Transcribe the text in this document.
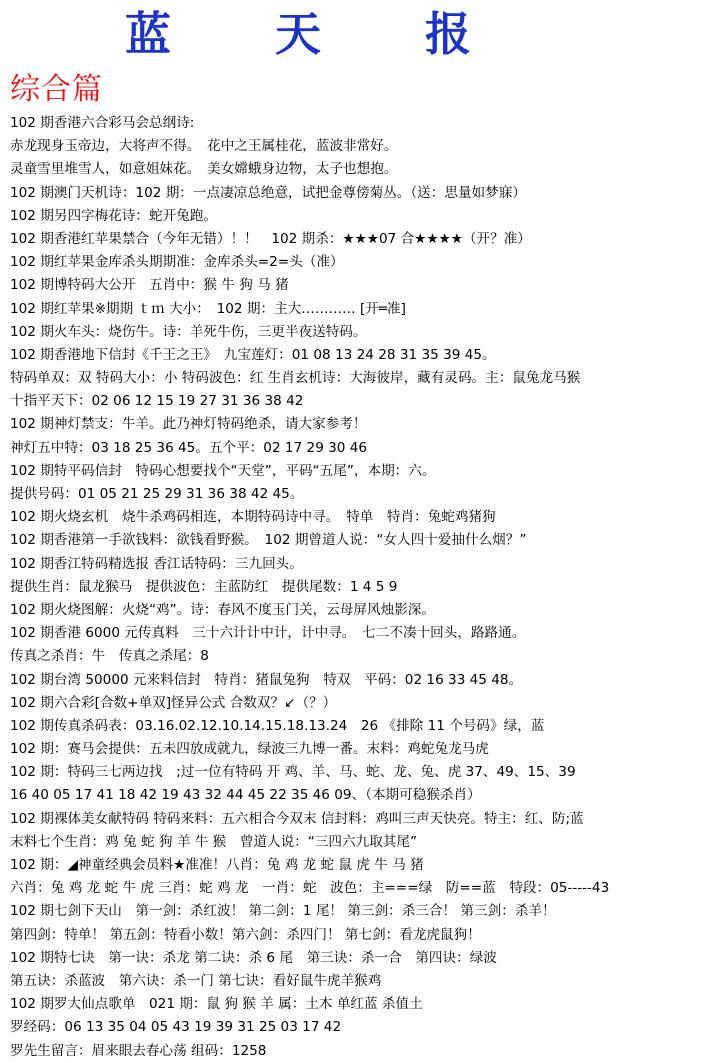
蓝 天 报
综合篇
102 期香港六合彩马会总纲诗:
赤龙现身玉帝边，大将声不得。　花中之王属桂花，蓝波非常好。
灵童雪里堆雪人，如意姐妹花。　美女嫦蛾身边物，太子也想抱。
102 期澳门天机诗：102 期：一点凄凉总绝意，试把金尊傍菊丛。（送：思量如梦寐）
102 期另四字梅花诗：蛇开兔跑。
102 期香港红苹果禁合（今年无错）！！　102 期杀：★★★07 合★★★★（开？准）
102 期红苹果金库杀头期期准：金库杀头=2=头（准）
102 期博特码大公开　五肖中：猴 牛 狗 马 猪
102 期红苹果※期期 ｔｍ 大小：　102 期：主大………… [开═准]
102 期火车头：烧伤牛。诗：羊死牛伤，三更半夜送特码。
102 期香港地下信封《千王之王》　九宝莲灯：01 08 13 24 28 31 35 39 45。
特码单双：双 特码大小：小 特码波色：红 生肖玄机诗：大海彼岸，藏有灵码。主：鼠兔龙马猴
十指平天下：02 06 12 15 19 27 31 36 38 42
102 期神灯禁支：牛羊。此乃神灯特码绝杀，请大家参考！
神灯五中特：03 18 25 36 45。五个平：02 17 29 30 46
102 期特平码信封　特码心想要找个“天堂”，平码“五尾”，本期：六。
提供号码：01 05 21 25 29 31 36 38 42 45。
102 期火烧玄机　烧牛杀鸡码相连，本期特码诗中寻。　特单　特肖：兔蛇鸡猪狗
102 期香港第一手欲钱料：欲钱看野猴。　102 期曾道人说：“女人四十爱抽什么烟？”
102 期香江特码精选报 香江话特码：三九回头。
提供生肖：鼠龙猴马　提供波色：主蓝防红　提供尾数：1 4 5 9
102 期火烧图解：火烧“鸡”。诗：春风不度玉门关，云母屏风烛影深。
102 期香港 6000 元传真料　三十六计计中计，计中寻。　七二不凑十回头，路路通。
传真之杀肖：牛　传真之杀尾：8
102 期台湾 50000 元来料信封　特肖：猪鼠兔狗　特双　平码：02 16 33 45 48。
102 期六合彩[合数+单双]怪异公式 合数双？↙（？）
102 期传真杀码表：03.16.02.12.10.14.15.18.13.24　26 《排除 11 个号码》绿，蓝
102 期：赛马会提供：五未四放成就九，绿波三九博一番。末料：鸡蛇兔龙马虎
102 期：特码三七两边找　;过一位有特码 开 鸡、羊、马、蛇、龙、兔、虎 37、49、15、39
16 40 05 17 41 18 42 19 43 32 44 45 22 35 46 09、（本期可稳猴杀肖）
102 期裸体美女献特码 特码来料：五六相合今双末 信封料：鸡叫三声天快亮。特主：红、防;蓝
末料七个生肖：鸡 兔 蛇 狗 羊 牛 猴　曾道人说：“三四六九取其尾”
102 期：◢神童经典会员料★准准！八肖：兔 鸡 龙 蛇 鼠 虎 牛 马 猪
六肖：兔 鸡 龙 蛇 牛 虎 三肖：蛇 鸡 龙　一肖：蛇　波色：主===绿　防==蓝　特段：05-----43
102 期七剑下天山　第一剑：杀红波！ 第二剑：1 尾！ 第三剑：杀三合！ 第三剑：杀羊！
第四剑：特单！ 第五剑：特看小数！第六剑：杀四门！ 第七剑：看龙虎鼠狗！
102 期特七诀　第一诀：杀龙 第二诀：杀 6 尾　第三诀：杀一合　第四诀：绿波
第五诀：杀蓝波　第六诀：杀一门 第七诀：看好鼠牛虎羊猴鸡
102 期罗大仙点歌单　021 期：鼠 狗 猴 羊 属：土木 单红蓝 杀值土
罗经码：06 13 35 04 05 43 19 39 31 25 03 17 42
罗先生留言：眉来眼去春心荡 组码：1258
